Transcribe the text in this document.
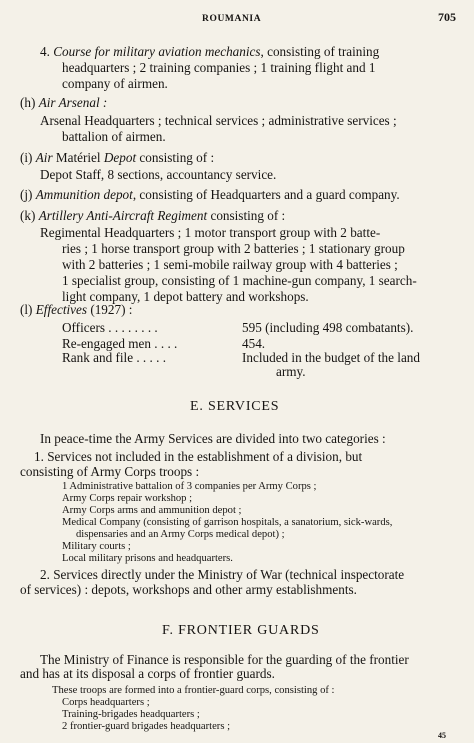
ROUMANIA	705
4. Course for military aviation mechanics, consisting of training
headquarters ; 2 training companies ; 1 training flight and 1
company of airmen.
(h) Air Arsenal :
Arsenal Headquarters ; technical services ; administrative services ;
battalion of airmen.
(i) Air Matériel Depot consisting of :
Depot Staff, 8 sections, accountancy service.
(j) Ammunition depot, consisting of Headquarters and a guard company.
(k) Artillery Anti-Aircraft Regiment consisting of :
Regimental Headquarters ; 1 motor transport group with 2 batte-
ries ; 1 horse transport group with 2 batteries ; 1 stationary group
with 2 batteries ; 1 semi-mobile railway group with 4 batteries ;
1 specialist group, consisting of 1 machine-gun company, 1 search-
light company, 1 depot battery and workshops.
(l) Effectives (1927) :
Officers . . . . . . . .	595 (including 498 combatants).
Re-engaged men . . . .	454.
Rank and file . . . . .	Included in the budget of the land
army.
E. SERVICES
In peace-time the Army Services are divided into two categories :
1. Services not included in the establishment of a division, but
consisting of Army Corps troops :
1 Administrative battalion of 3 companies per Army Corps ;
Army Corps repair workshop ;
Army Corps arms and ammunition depot ;
Medical Company (consisting of garrison hospitals, a sanatorium, sick-wards,
dispensaries and an Army Corps medical depot) ;
Military courts ;
Local military prisons and headquarters.
2. Services directly under the Ministry of War (technical inspectorate
of services) : depots, workshops and other army establishments.
F. FRONTIER GUARDS
The Ministry of Finance is responsible for the guarding of the frontier
and has at its disposal a corps of frontier guards.
These troops are formed into a frontier-guard corps, consisting of :
Corps headquarters ;
Training-brigades headquarters ;
2 frontier-guard brigades headquarters ;
45
